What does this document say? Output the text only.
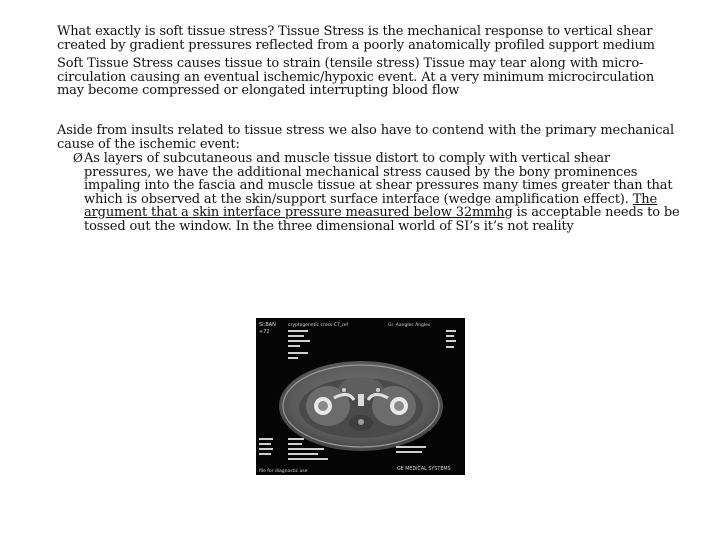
What exactly is soft tissue stress? Tissue Stress is the mechanical response to vertical shear created by gradient pressures reflected from a poorly anatomically profiled support medium
Soft Tissue Stress causes tissue to strain (tensile stress) Tissue may tear along with micro-circulation causing an eventual ischemic/hypoxic event. At a very minimum microcirculation may become compressed or elongated interrupting blood flow
Aside from insults related to tissue stress we also have to contend with the primary mechanical cause of the ischemic event:
Ø As layers of subcutaneous and muscle tissue distort to comply with vertical shear pressures, we have the additional mechanical stress caused by the bony prominences impaling into the fascia and muscle tissue at shear pressures many times greater than that which is observed at the skin/support surface interface (wedge amplification effect). The argument that a skin interface pressure measured below 32mmhg is acceptable needs to be tossed out the window. In the three dimensional world of SI’s it’s not reality
SI:BAN
+72
cryptogenetic cross-CT_ref	Gr. Aangles Angles
file for diagnostic use	GE MEDICAL SYSTEMS
